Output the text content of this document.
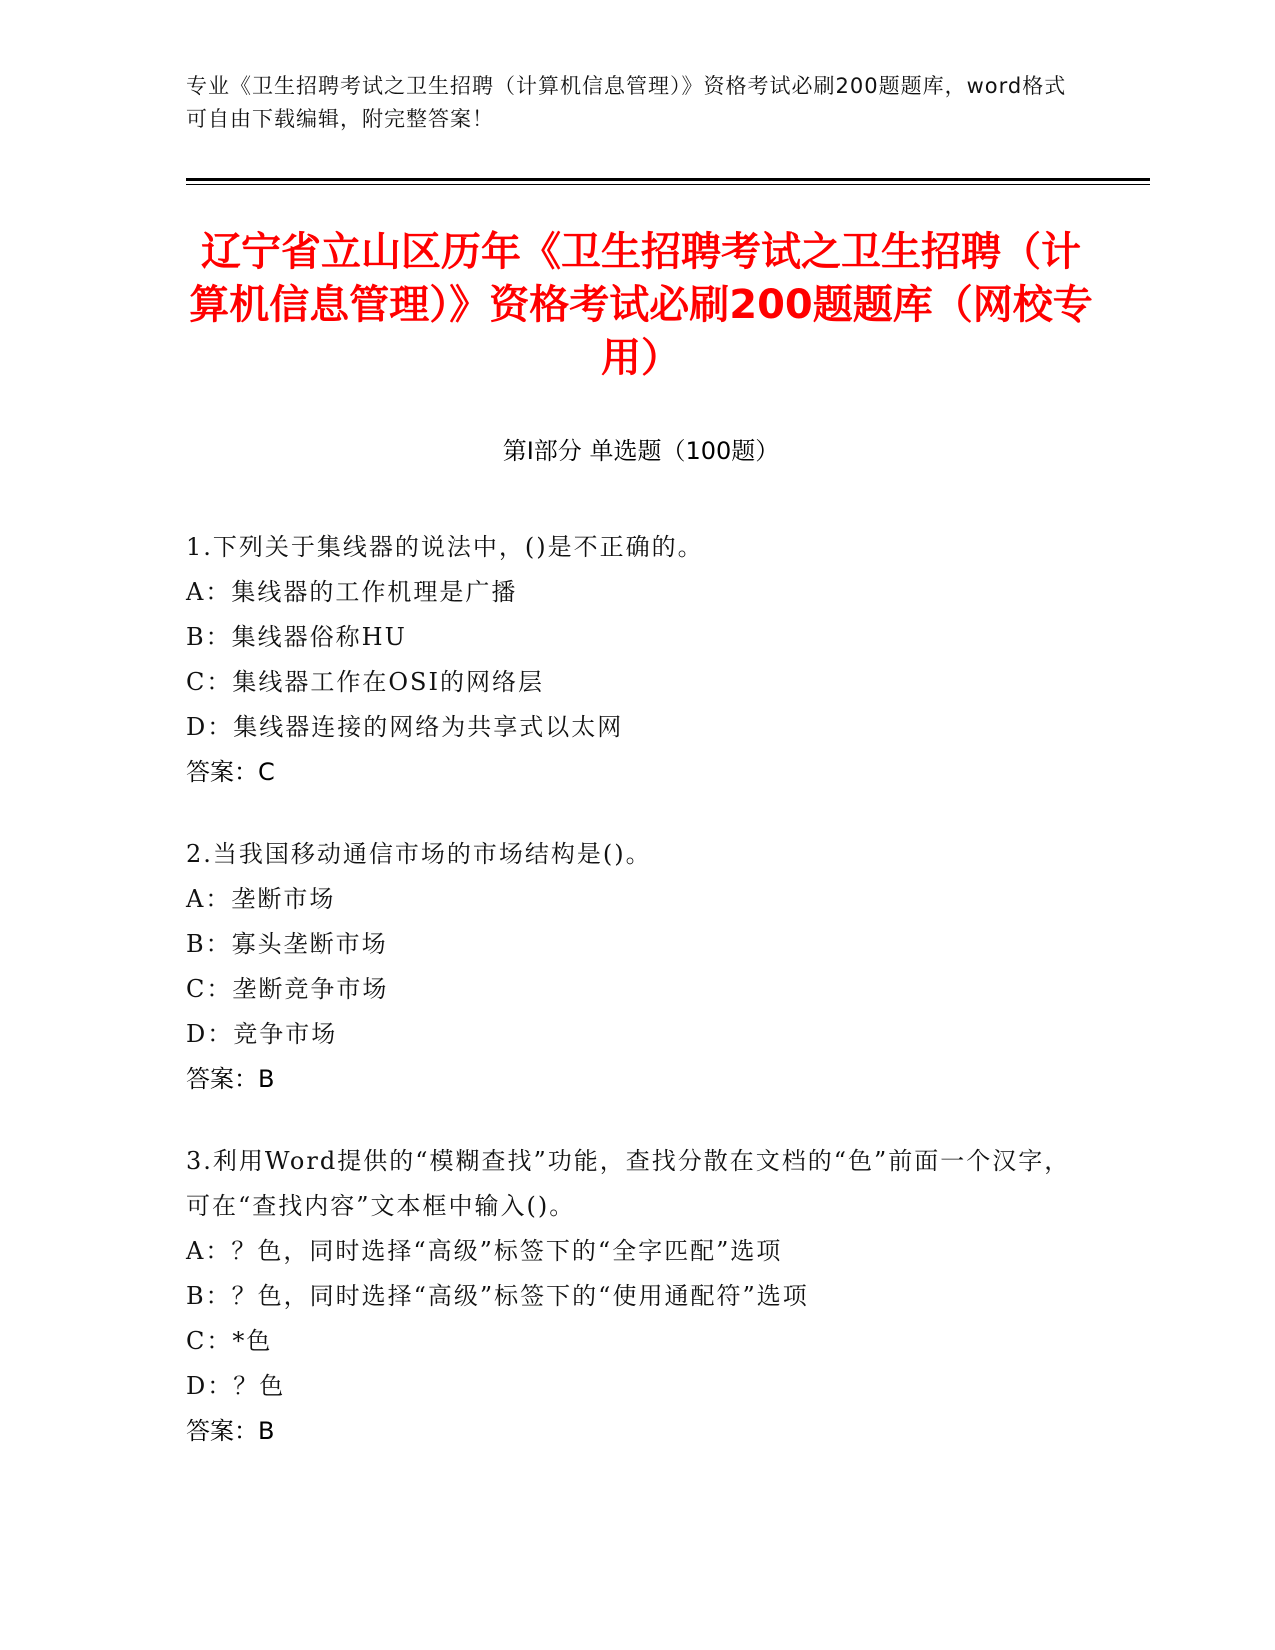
专业《卫生招聘考试之卫生招聘（计算机信息管理）》资格考试必刷200题题库，word格式可自由下载编辑，附完整答案！
辽宁省立山区历年《卫生招聘考试之卫生招聘（计算机信息管理）》资格考试必刷200题题库（网校专用）
第Ⅰ部分 单选题（100题）
1.下列关于集线器的说法中，()是不正确的。
A：集线器的工作机理是广播
B：集线器俗称HU
C：集线器工作在OSI的网络层
D：集线器连接的网络为共享式以太网
答案：C
2.当我国移动通信市场的市场结构是()。
A：垄断市场
B：寡头垄断市场
C：垄断竞争市场
D：竞争市场
答案：B
3.利用Word提供的“模糊查找”功能，查找分散在文档的“色”前面一个汉字，可在“查找内容”文本框中输入()。
A：？色，同时选择“高级”标签下的“全字匹配”选项
B：？色，同时选择“高级”标签下的“使用通配符”选项
C：*色
D：？色
答案：B
